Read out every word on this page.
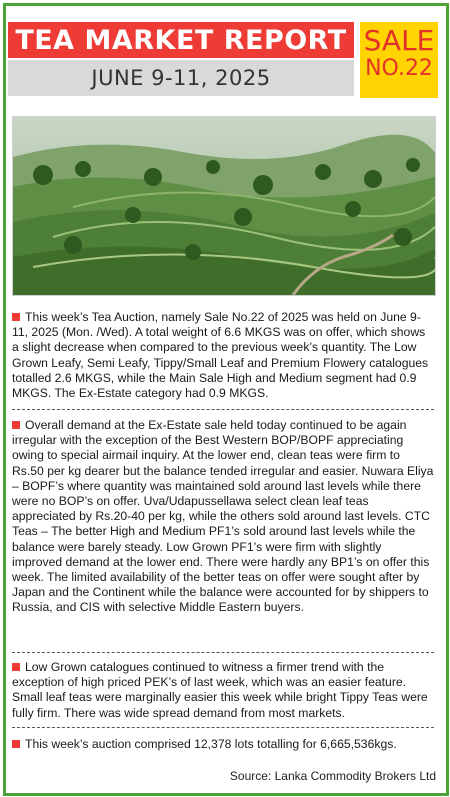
TEA MARKET REPORT
JUNE 9-11, 2025
SALE
NO.22
This week’s Tea Auction, namely Sale No.22 of 2025 was held on June 9-11, 2025 (Mon. /Wed). A total weight of 6.6 MKGS was on offer, which shows a slight decrease when compared to the previous week’s quantity. The Low Grown Leafy, Semi Leafy, Tippy/Small Leaf and Premium Flowery catalogues totalled 2.6 MKGS, while the Main Sale High and Medium segment had 0.9 MKGS. The Ex-Estate category had 0.9 MKGS.
Overall demand at the Ex-Estate sale held today continued to be again irregular with the exception of the Best Western BOP/BOPF appreciating owing to special airmail inquiry. At the lower end, clean teas were firm to Rs.50 per kg dearer but the balance tended irregular and easier. Nuwara Eliya – BOPF’s where quantity was maintained sold around last levels while there were no BOP’s on offer. Uva/Udapussellawa select clean leaf teas appreciated by Rs.20-40 per kg, while the others sold around last levels. CTC Teas – The better High and Medium PF1’s sold around last levels while the balance were barely steady. Low Grown PF1’s were firm with slightly improved demand at the lower end. There were hardly any BP1’s on offer this week. The limited availability of the better teas on offer were sought after by Japan and the Continent while the balance were accounted for by shippers to Russia, and CIS with selective Middle Eastern buyers.
Low Grown catalogues continued to witness a firmer trend with the exception of high priced PEK’s of last week, which was an easier feature. Small leaf teas were marginally easier this week while bright Tippy Teas were fully firm. There was wide spread demand from most markets.
This week’s auction comprised 12,378 lots totalling for 6,665,536kgs.
Source: Lanka Commodity Brokers Ltd
